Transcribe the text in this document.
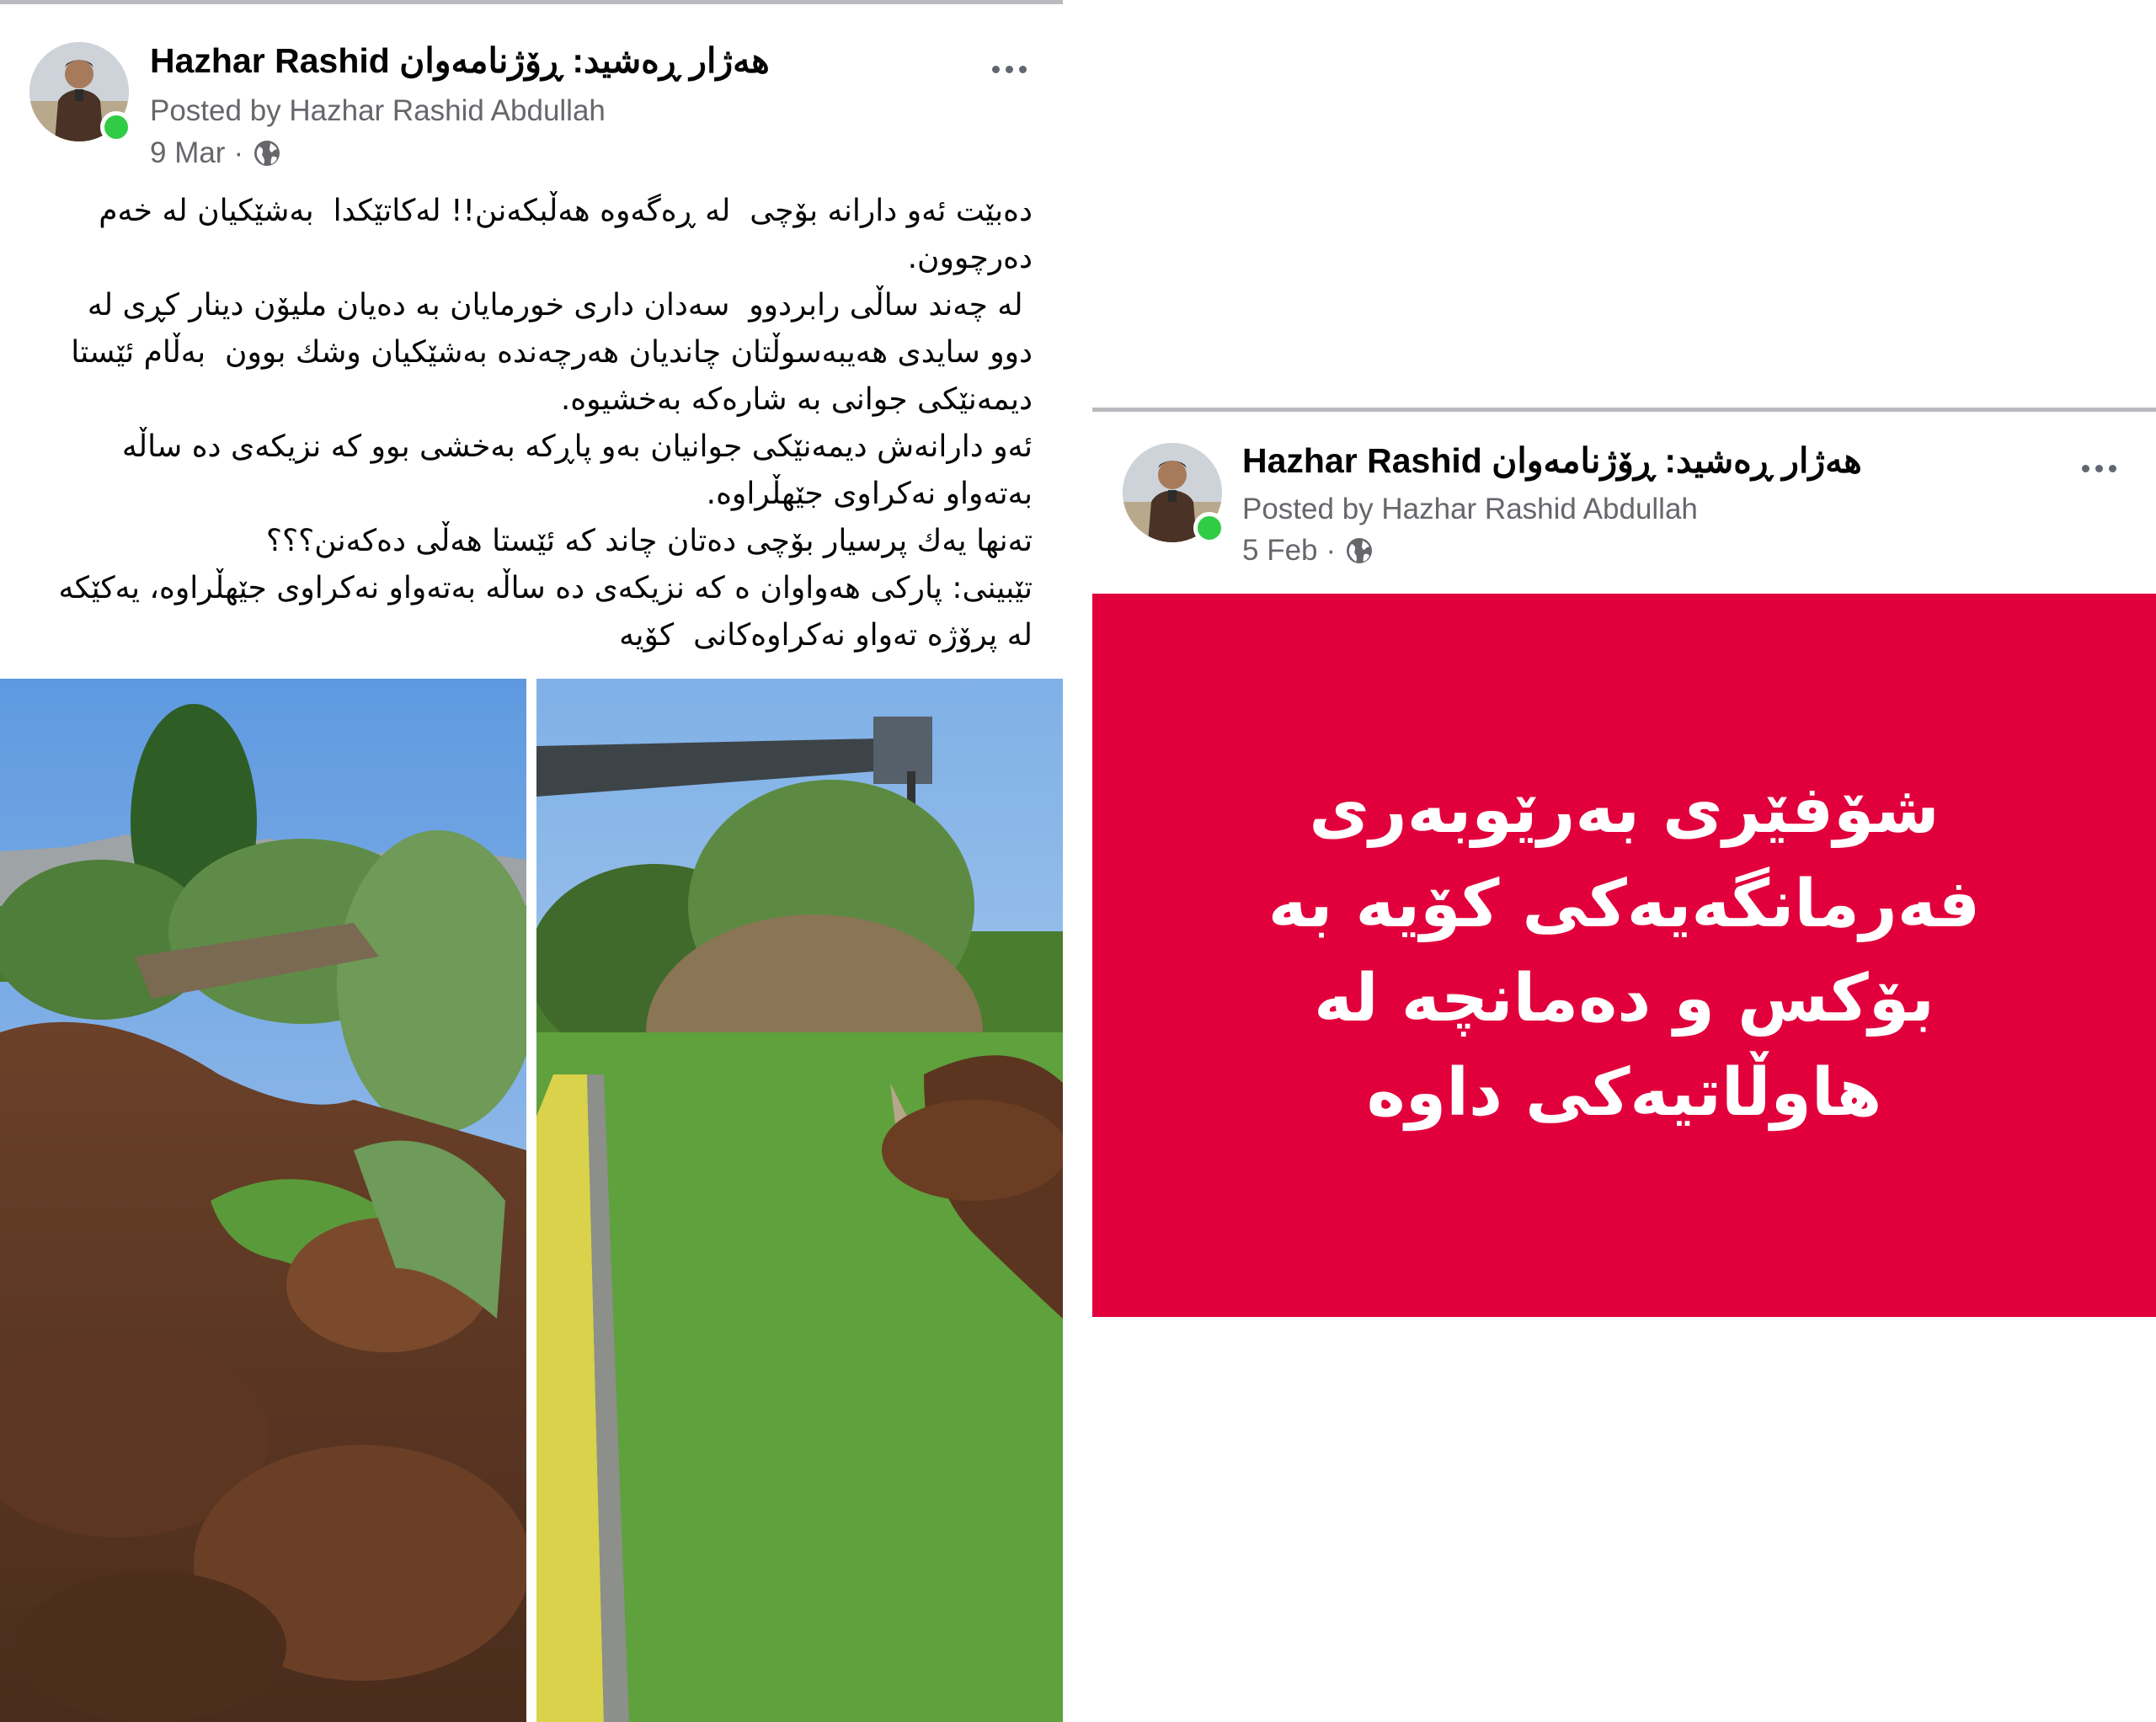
Hazhar Rashid هەژار ڕەشید: ڕۆژنامەوان
Posted by Hazhar Rashid Abdullah
9 Mar ·

دەبێت ئەو دارانە بۆچی  لە ڕەگەوە هەڵبکەنن!! لەکاتێکدا  بەشێکیان لە خەم دەرچوون.

لە چەند ساڵی رابردوو  سەدان داری خورمایان بە دەیان ملیۆن دینار کڕی لە دوو سایدی هەیبەسوڵتان چاندیان هەرچەندە بەشێکیان وشك بوون  بەڵام ئێستا دیمەنێکی جوانی بە شارەکە بەخشیوە.

ئەو دارانەش دیمەنێکی جوانیان بەو پاڕکە بەخشی بوو کە نزیکەی دە ساڵە بەتەواو نەکراوی جێهڵراوە.

تەنها یەك پرسیار بۆچی دەتان چاند کە ئێستا هەڵی دەکەنن؟؟؟

تێبینی: پارکی هەواوان ە کە نزیکەی دە ساڵە بەتەواو نەکراوی جێهڵراوە، یەکێکە لە پرۆژە تەواو نەکراوەکانی  کۆیە

Hazhar Rashid هەژار ڕەشید: ڕۆژنامەوان
Posted by Hazhar Rashid Abdullah
5 Feb ·
شۆفێری بەرێوبەری
فەرمانگەیەکی کۆیە بە
بۆکس و دەمانچە لە
هاوڵاتیەکی داوە
